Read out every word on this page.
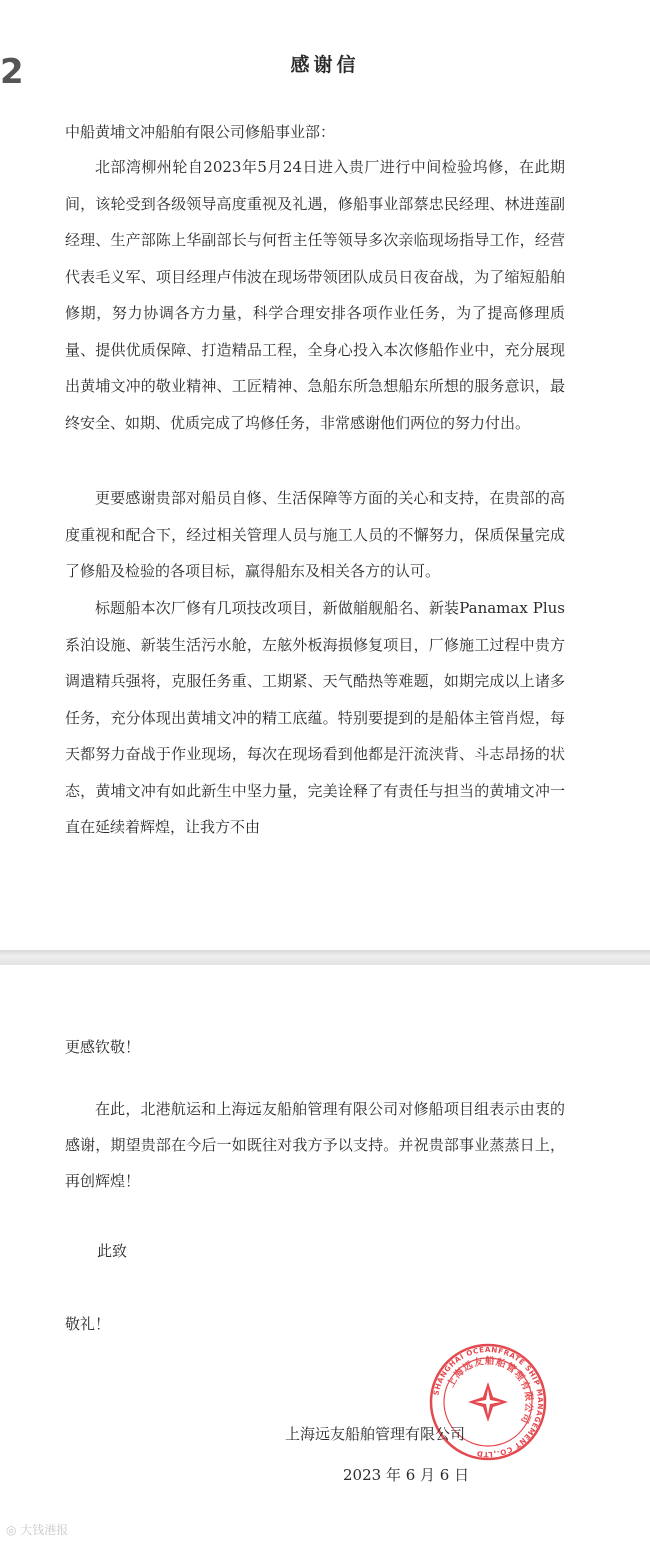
2	感谢信
中船黄埔文冲船舶有限公司修船事业部：

北部湾柳州轮自2023年5月24日进入贵厂进行中间检验坞修，在此期间，该轮受到各级领导高度重视及礼遇，修船事业部蔡忠民经理、林进莲副经理、生产部陈上华副部长与何哲主任等领导多次亲临现场指导工作，经营代表毛义军、项目经理卢伟波在现场带领团队成员日夜奋战，为了缩短船舶修期，努力协调各方力量，科学合理安排各项作业任务，为了提高修理质量、提供优质保障、打造精品工程，全身心投入本次修船作业中，充分展现出黄埔文冲的敬业精神、工匠精神、急船东所急想船东所想的服务意识，最终安全、如期、优质完成了坞修任务，非常感谢他们两位的努力付出。

更要感谢贵部对船员自修、生活保障等方面的关心和支持，在贵部的高度重视和配合下，经过相关管理人员与施工人员的不懈努力，保质保量完成了修船及检验的各项目标，赢得船东及相关各方的认可。

标题船本次厂修有几项技改项目，新做艏舰船名、新装Panamax Plus系泊设施、新装生活污水舱，左舷外板海损修复项目，厂修施工过程中贵方调遣精兵强将，克服任务重、工期紧、天气酷热等难题，如期完成以上诸多任务，充分体现出黄埔文冲的精工底蕴。特别要提到的是船体主管肖煜，每天都努力奋战于作业现场，每次在现场看到他都是汗流浃背、斗志昂扬的状态，黄埔文冲有如此新生中坚力量，完美诠释了有责任与担当的黄埔文冲一直在延续着辉煌，让我方不由

更感钦敬！

在此，北港航运和上海远友船舶管理有限公司对修船项目组表示由衷的感谢，期望贵部在今后一如既往对我方予以支持。并祝贵部事业蒸蒸日上，再创辉煌！

此致
敬礼！
SHANGHAI OCEANFRATE SHIP MANAGEMENT CO.,LTD
上海远友船舶管理有限公司
上海远友船舶管理有限公司
2023 年 6 月 6 日
◎ 大钱港报
